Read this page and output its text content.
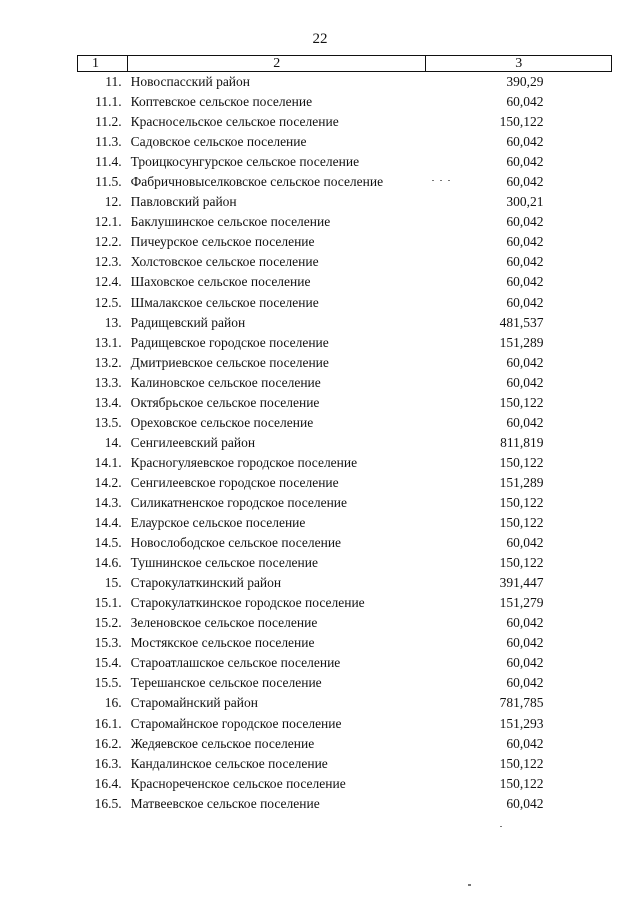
22
1	2	3
11.	Новоспасский район	390,29
11.1.	Коптевское сельское поселение	60,042
11.2.	Красносельское сельское поселение	150,122
11.3.	Садовское сельское поселение	60,042
11.4.	Троицкосунгурское сельское поселение	60,042
11.5.	Фабричновыселковское сельское поселение	60,042
12.	Павловский район	300,21
12.1.	Баклушинское сельское поселение	60,042
12.2.	Пичеурское сельское поселение	60,042
12.3.	Холстовское сельское поселение	60,042
12.4.	Шаховское сельское поселение	60,042
12.5.	Шмалакское сельское поселение	60,042
13.	Радищевский район	481,537
13.1.	Радищевское городское поселение	151,289
13.2.	Дмитриевское сельское поселение	60,042
13.3.	Калиновское сельское поселение	60,042
13.4.	Октябрьское сельское поселение	150,122
13.5.	Ореховское сельское поселение	60,042
14.	Сенгилеевский район	811,819
14.1.	Красногуляевское городское поселение	150,122
14.2.	Сенгилеевское городское поселение	151,289
14.3.	Силикатненское городское поселение	150,122
14.4.	Елаурское сельское поселение	150,122
14.5.	Новослободское сельское поселение	60,042
14.6.	Тушнинское сельское поселение	150,122
15.	Старокулаткинский район	391,447
15.1.	Старокулаткинское городское поселение	151,279
15.2.	Зеленовское сельское поселение	60,042
15.3.	Мостякское сельское поселение	60,042
15.4.	Староатлашское сельское поселение	60,042
15.5.	Терешанское сельское поселение	60,042
16.	Старомайнский район	781,785
16.1.	Старомайнское городское поселение	151,293
16.2.	Жедяевское сельское поселение	60,042
16.3.	Кандалинское сельское поселение	150,122
16.4.	Краснореченское сельское поселение	150,122
16.5.	Матвеевское сельское поселение	60,042
